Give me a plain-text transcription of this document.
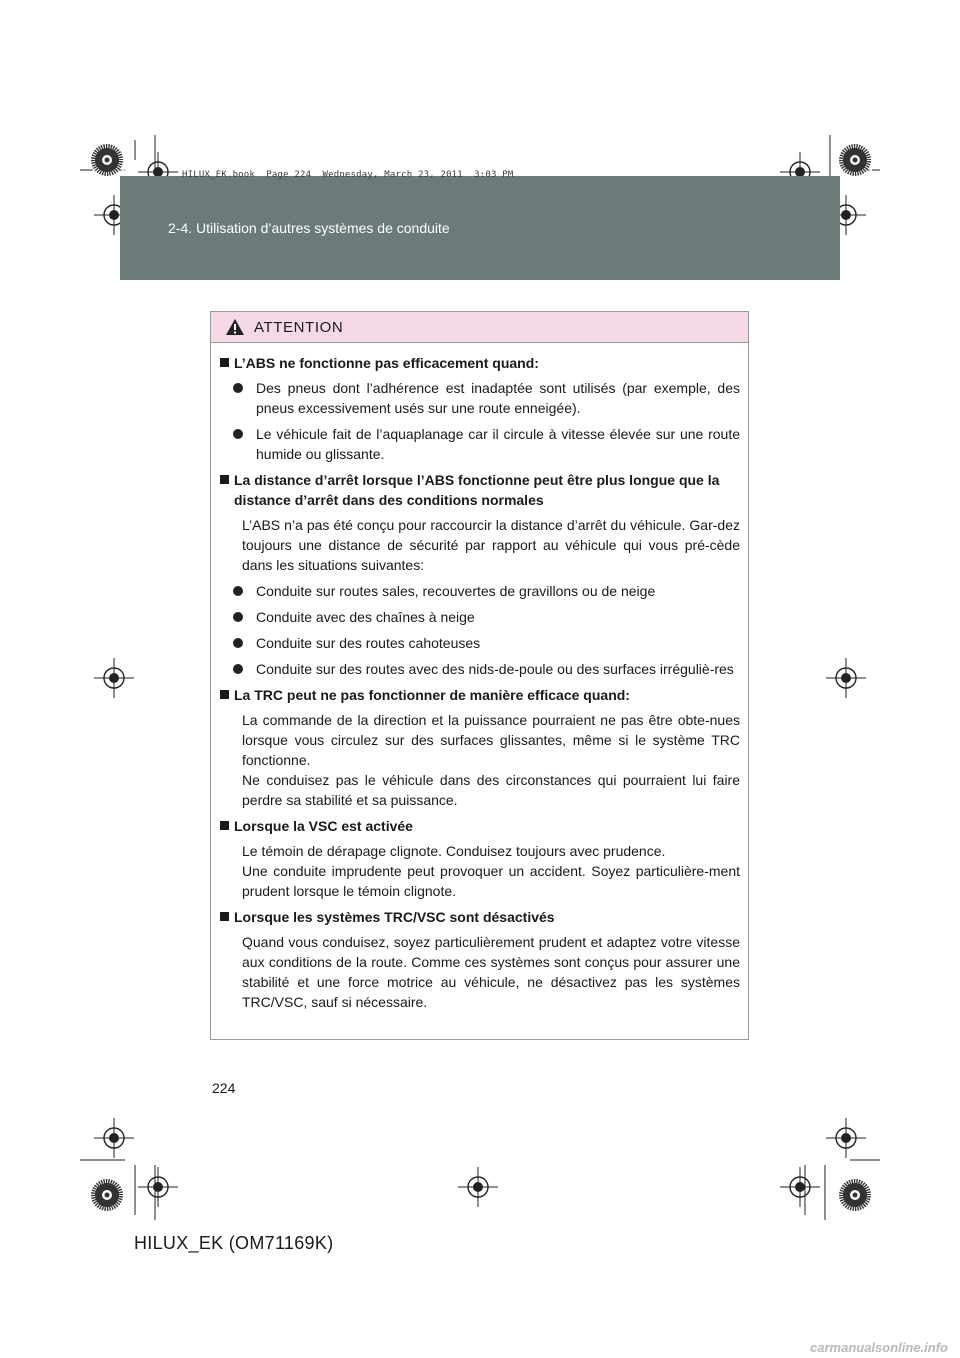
HILUX_EK.book  Page 224  Wednesday, March 23, 2011  3:03 PM
2-4. Utilisation d’autres systèmes de conduite
ATTENTION
L’ABS ne fonctionne pas efficacement quand:
Des pneus dont l’adhérence est inadaptée sont utilisés (par exemple, des pneus excessivement usés sur une route enneigée).
Le véhicule fait de l’aquaplanage car il circule à vitesse élevée sur une route humide ou glissante.
La distance d’arrêt lorsque l’ABS fonctionne peut être plus longue que la distance d’arrêt dans des conditions normales
L’ABS n’a pas été conçu pour raccourcir la distance d’arrêt du véhicule. Gar-dez toujours une distance de sécurité par rapport au véhicule qui vous pré-cède dans les situations suivantes:
Conduite sur routes sales, recouvertes de gravillons ou de neige
Conduite avec des chaînes à neige
Conduite sur des routes cahoteuses
Conduite sur des routes avec des nids-de-poule ou des surfaces irréguliè-res
La TRC peut ne pas fonctionner de manière efficace quand:
La commande de la direction et la puissance pourraient ne pas être obte-nues lorsque vous circulez sur des surfaces glissantes, même si le système TRC fonctionne.
Ne conduisez pas le véhicule dans des circonstances qui pourraient lui faire perdre sa stabilité et sa puissance.
Lorsque la VSC est activée
Le témoin de dérapage clignote. Conduisez toujours avec prudence.
Une conduite imprudente peut provoquer un accident. Soyez particulière-ment prudent lorsque le témoin clignote.
Lorsque les systèmes TRC/VSC sont désactivés
Quand vous conduisez, soyez particulièrement prudent et adaptez votre vitesse aux conditions de la route. Comme ces systèmes sont conçus pour assurer une stabilité et une force motrice au véhicule, ne désactivez pas les systèmes TRC/VSC, sauf si nécessaire.
224
HILUX_EK (OM71169K)
carmanualsonline.info
